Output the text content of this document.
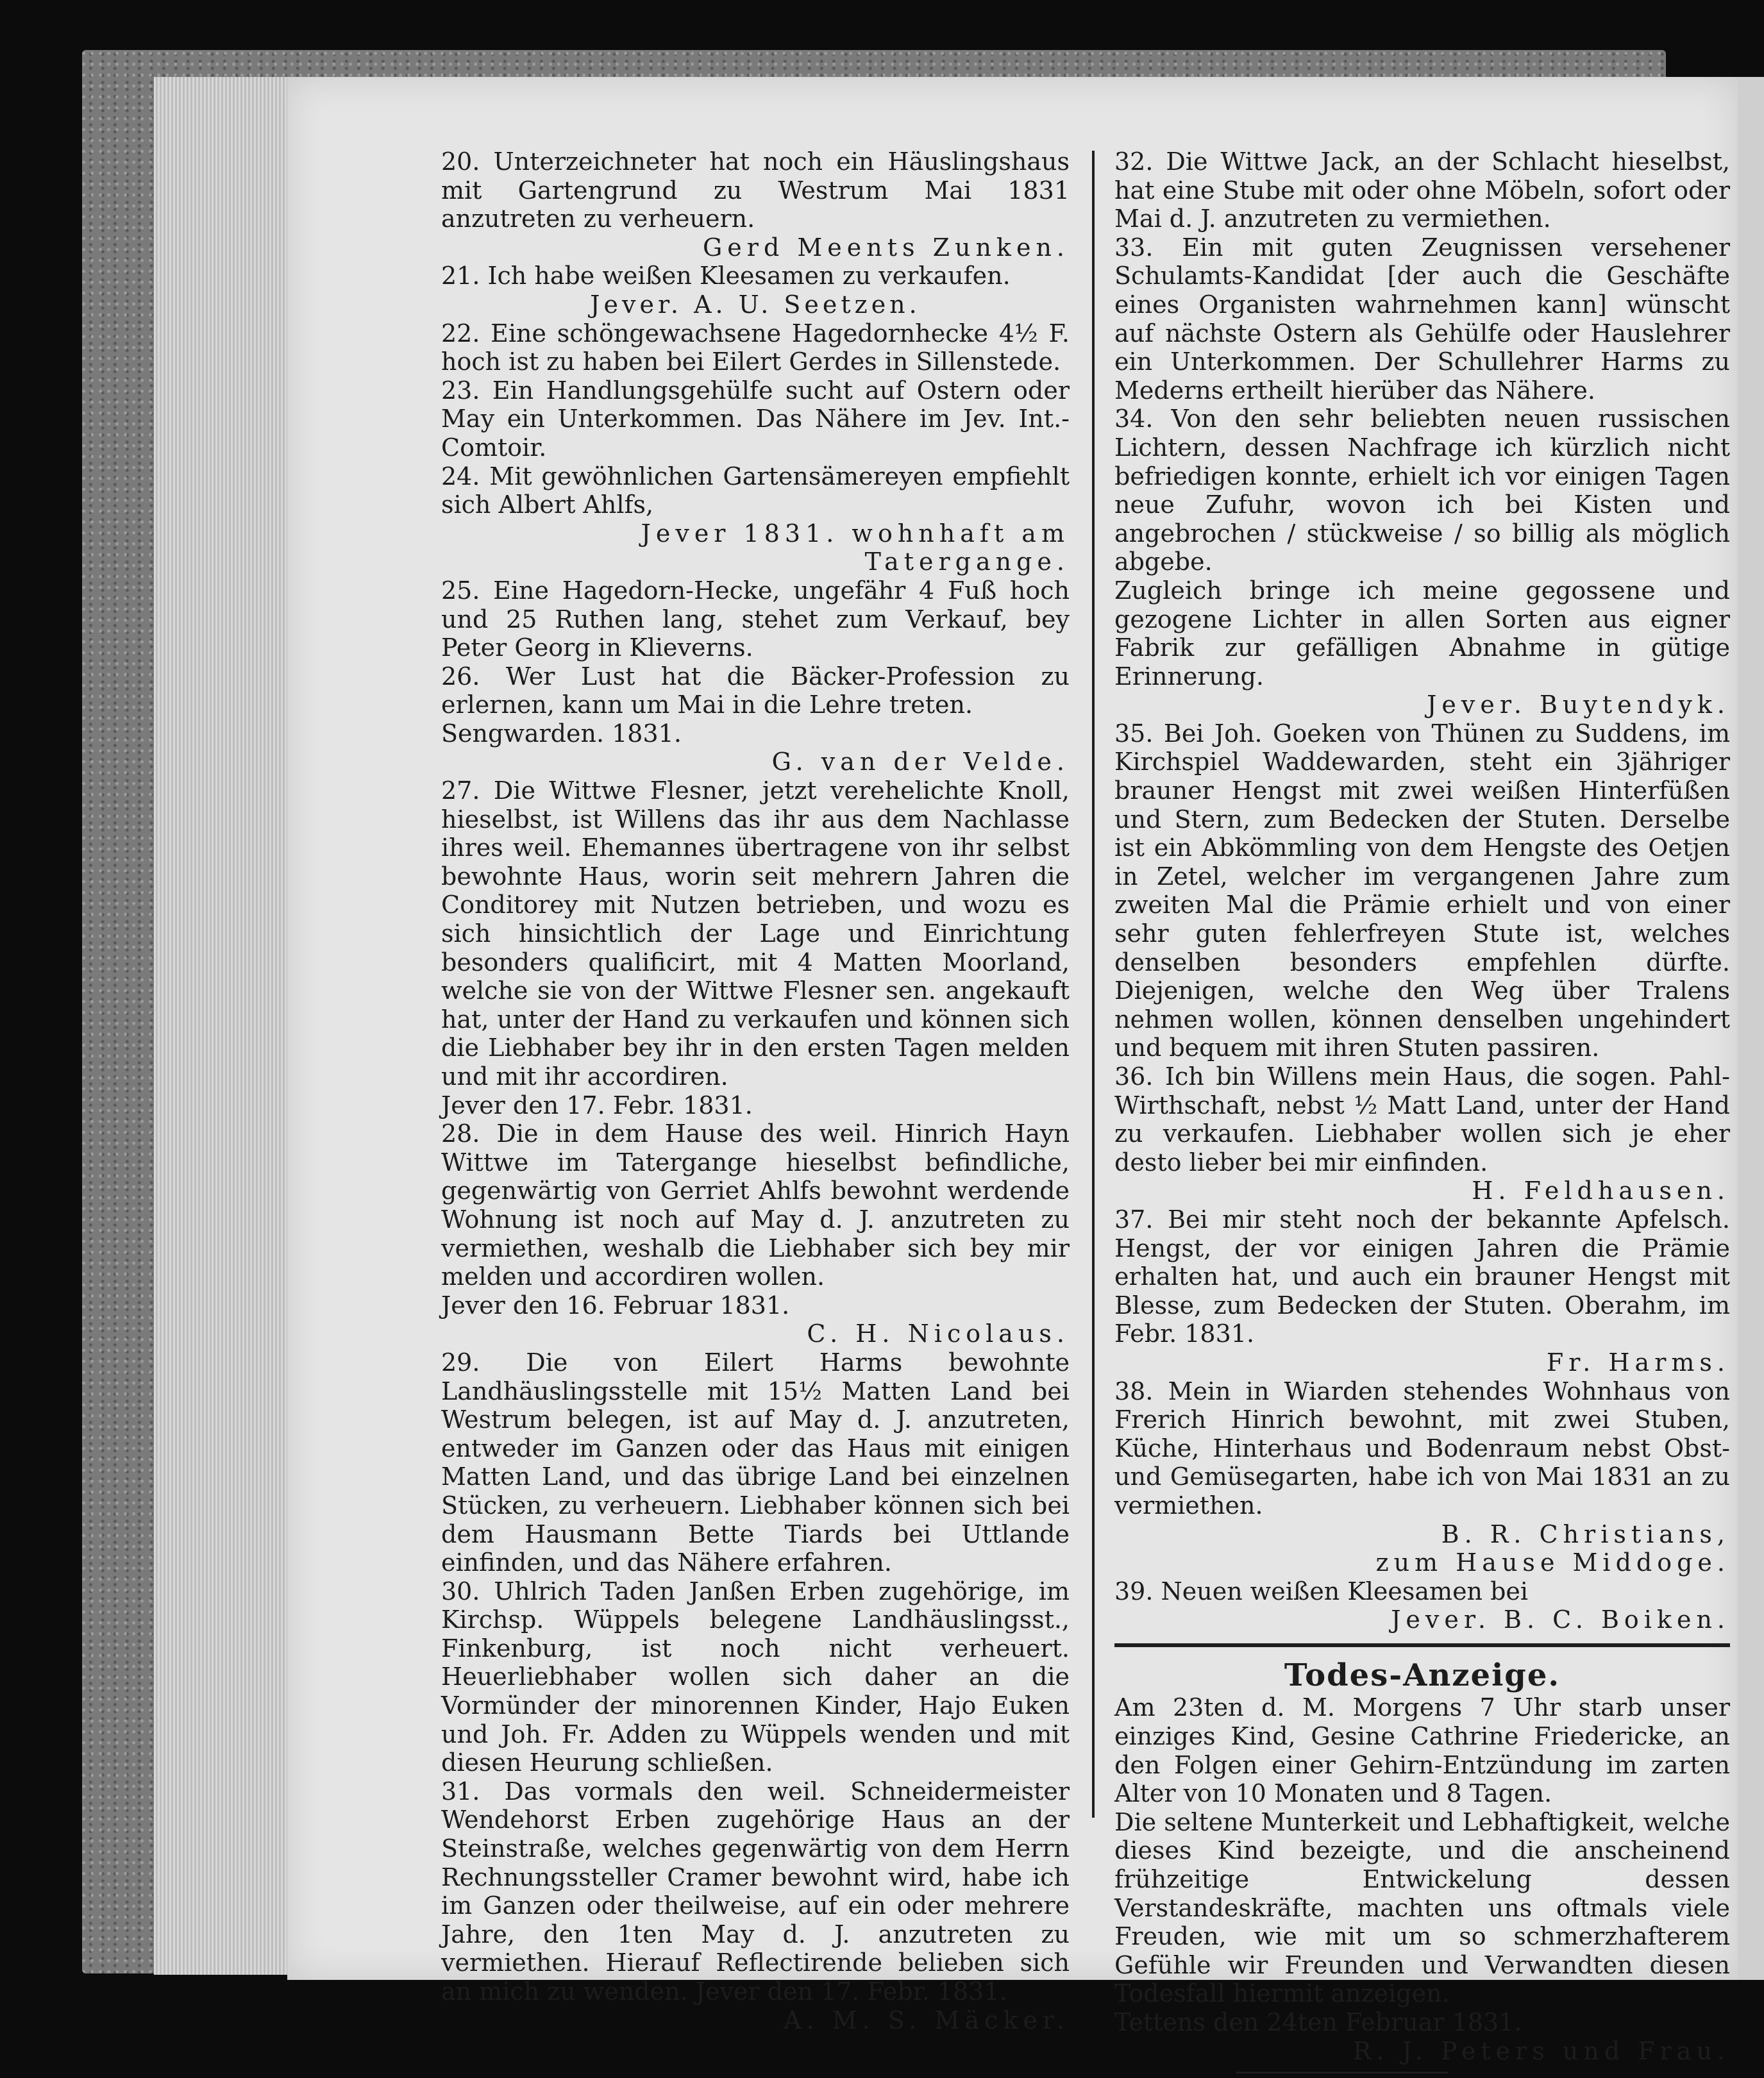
20. Unterzeichneter hat noch ein Häuslingshaus mit Gartengrund zu Westrum Mai 1831 anzutreten zu verheuern.

Gerd Meents Zunken.

21. Ich habe weißen Kleesamen zu verkaufen.

Jever. A. U. Seetzen.

22. Eine schöngewachsene Hagedornhecke 4½ F. hoch ist zu haben bei Eilert Gerdes in Sillenstede.

23. Ein Handlungsgehülfe sucht auf Ostern oder May ein Unterkommen. Das Nähere im Jev. Int.-Comtoir.

24. Mit gewöhnlichen Gartensämereyen empfiehlt sich Albert Ahlfs,

Jever 1831. wohnhaft am Tatergange.

25. Eine Hagedorn-Hecke, ungefähr 4 Fuß hoch und 25 Ruthen lang, stehet zum Verkauf, bey Peter Georg in Klieverns.

26. Wer Lust hat die Bäcker-Profession zu erlernen, kann um Mai in die Lehre treten.

Sengwarden. 1831.

G. van der Velde.

27. Die Wittwe Flesner, jetzt verehelichte Knoll, hieselbst, ist Willens das ihr aus dem Nachlasse ihres weil. Ehemannes übertragene von ihr selbst bewohnte Haus, worin seit mehrern Jahren die Conditorey mit Nutzen betrieben, und wozu es sich hinsichtlich der Lage und Einrichtung besonders qualificirt, mit 4 Matten Moorland, welche sie von der Wittwe Flesner sen. angekauft hat, unter der Hand zu verkaufen und können sich die Liebhaber bey ihr in den ersten Tagen melden und mit ihr accordiren.

Jever den 17. Febr. 1831.

28. Die in dem Hause des weil. Hinrich Hayn Wittwe im Tatergange hieselbst befindliche, gegenwärtig von Gerriet Ahlfs bewohnt werdende Wohnung ist noch auf May d. J. anzutreten zu vermiethen, weshalb die Liebhaber sich bey mir melden und accordiren wollen.

Jever den 16. Februar 1831.

C. H. Nicolaus.

29. Die von Eilert Harms bewohnte Landhäuslingsstelle mit 15½ Matten Land bei Westrum belegen, ist auf May d. J. anzutreten, entweder im Ganzen oder das Haus mit einigen Matten Land, und das übrige Land bei einzelnen Stücken, zu verheuern. Liebhaber können sich bei dem Hausmann Bette Tiards bei Uttlande einfinden, und das Nähere erfahren.

30. Uhlrich Taden Janßen Erben zugehörige, im Kirchsp. Wüppels belegene Landhäuslingsst., Finkenburg, ist noch nicht verheuert. Heuerliebhaber wollen sich daher an die Vormünder der minorennen Kinder, Hajo Euken und Joh. Fr. Adden zu Wüppels wenden und mit diesen Heurung schließen.

31. Das vormals den weil. Schneidermeister Wendehorst Erben zugehörige Haus an der Steinstraße, welches gegenwärtig von dem Herrn Rechnungssteller Cramer bewohnt wird, habe ich im Ganzen oder theilweise, auf ein oder mehrere Jahre, den 1ten May d. J. anzutreten zu vermiethen. Hierauf Reflectirende belieben sich an mich zu wenden. Jever den 17. Febr. 1831.

A. M. S. Mäcker.

32. Die Wittwe Jack, an der Schlacht hieselbst, hat eine Stube mit oder ohne Möbeln, sofort oder Mai d. J. anzutreten zu vermiethen.

33. Ein mit guten Zeugnissen versehener Schulamts-Kandidat [der auch die Geschäfte eines Organisten wahrnehmen kann] wünscht auf nächste Ostern als Gehülfe oder Hauslehrer ein Unterkommen. Der Schullehrer Harms zu Mederns ertheilt hierüber das Nähere.

34. Von den sehr beliebten neuen russischen Lichtern, dessen Nachfrage ich kürzlich nicht befriedigen konnte, erhielt ich vor einigen Tagen neue Zufuhr, wovon ich bei Kisten und angebrochen / stückweise / so billig als möglich abgebe.

Zugleich bringe ich meine gegossene und gezogene Lichter in allen Sorten aus eigner Fabrik zur gefälligen Abnahme in gütige Erinnerung.

Jever. Buytendyk.

35. Bei Joh. Goeken von Thünen zu Suddens, im Kirchspiel Waddewarden, steht ein 3jähriger brauner Hengst mit zwei weißen Hinterfüßen und Stern, zum Bedecken der Stuten. Derselbe ist ein Abkömmling von dem Hengste des Oetjen in Zetel, welcher im vergangenen Jahre zum zweiten Mal die Prämie erhielt und von einer sehr guten fehlerfreyen Stute ist, welches denselben besonders empfehlen dürfte. Diejenigen, welche den Weg über Tralens nehmen wollen, können denselben ungehindert und bequem mit ihren Stuten passiren.

36. Ich bin Willens mein Haus, die sogen. Pahl-Wirthschaft, nebst ½ Matt Land, unter der Hand zu verkaufen. Liebhaber wollen sich je eher desto lieber bei mir einfinden.

H. Feldhausen.

37. Bei mir steht noch der bekannte Apfelsch. Hengst, der vor einigen Jahren die Prämie erhalten hat, und auch ein brauner Hengst mit Blesse, zum Bedecken der Stuten. Oberahm, im Febr. 1831.

Fr. Harms.

38. Mein in Wiarden stehendes Wohnhaus von Frerich Hinrich bewohnt, mit zwei Stuben, Küche, Hinterhaus und Bodenraum nebst Obst- und Gemüsegarten, habe ich von Mai 1831 an zu vermiethen.

B. R. Christians,

zum Hause Middoge.

39. Neuen weißen Kleesamen bei

Jever. B. C. Boiken.

Todes-Anzeige.

Am 23ten d. M. Morgens 7 Uhr starb unser einziges Kind, Gesine Cathrine Friedericke, an den Folgen einer Gehirn-Entzündung im zarten Alter von 10 Monaten und 8 Tagen.

Die seltene Munterkeit und Lebhaftigkeit, welche dieses Kind bezeigte, und die anscheinend frühzeitige Entwickelung dessen Verstandeskräfte, machten uns oftmals viele Freuden, wie mit um so schmerzhafterem Gefühle wir Freunden und Verwandten diesen Todesfall hiermit anzeigen.

Tettens den 24ten Februar 1831.

R. J. Peters und Frau.
